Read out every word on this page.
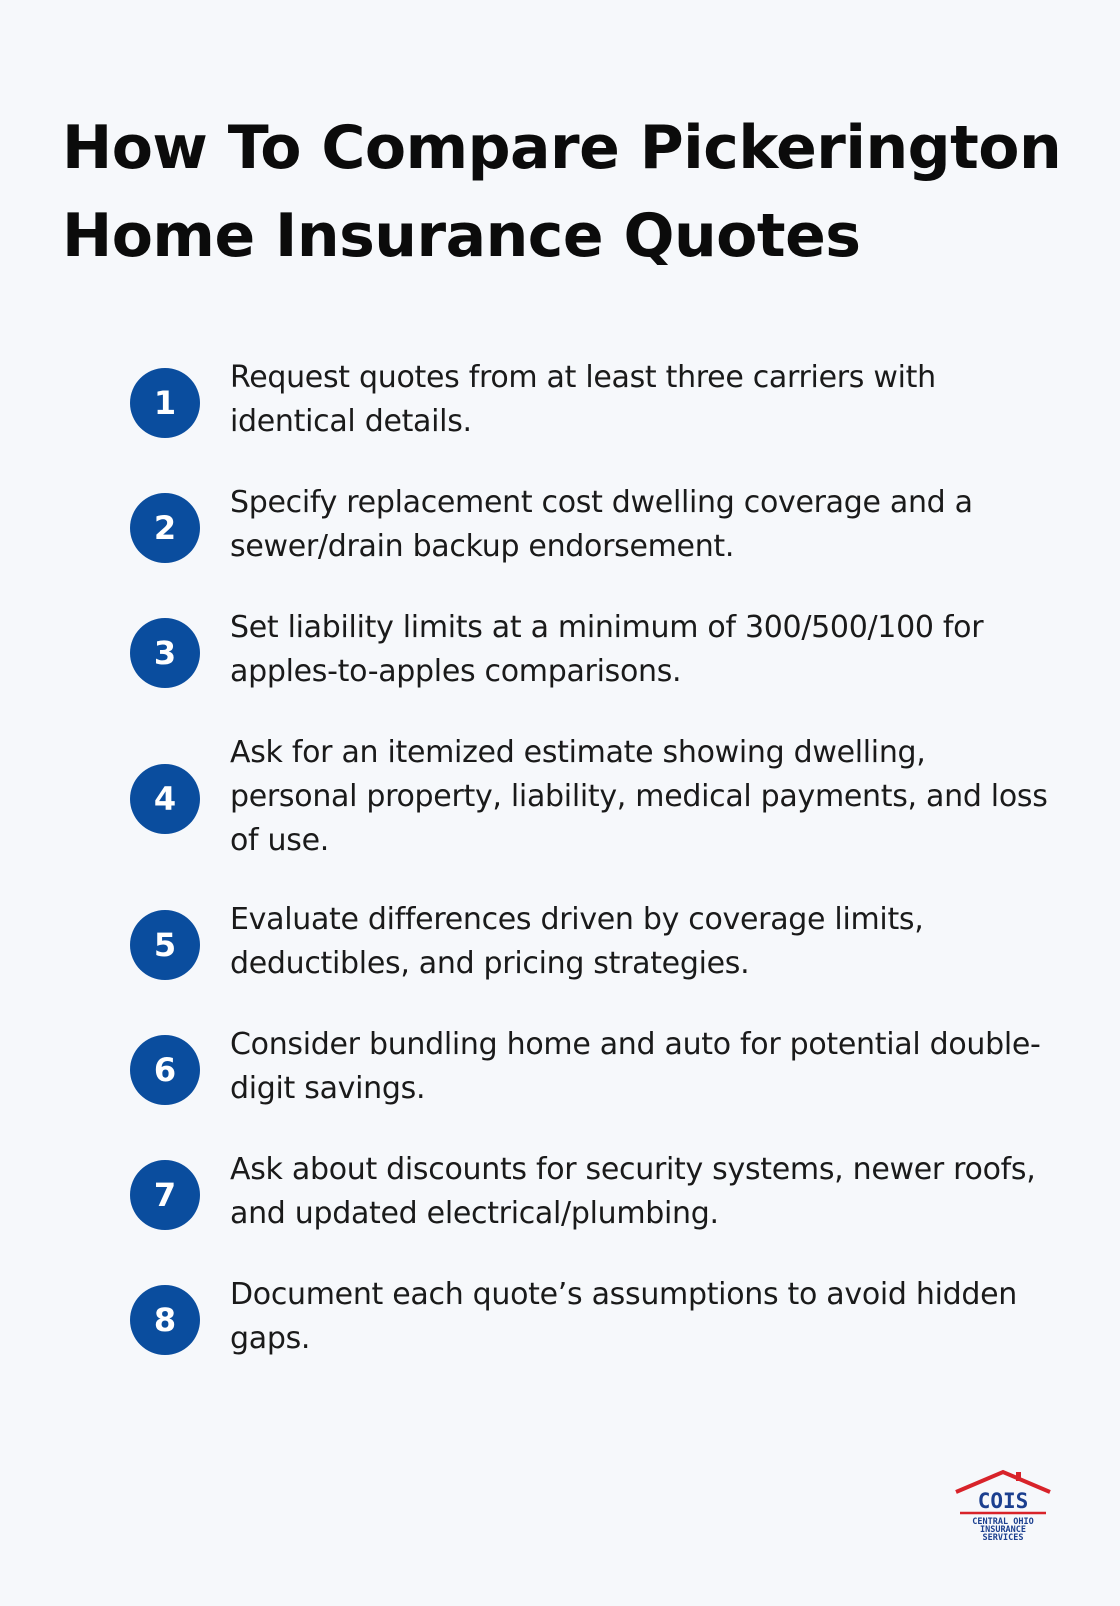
How To Compare Pickerington
Home Insurance Quotes
1

Request quotes from at least three carriers with identical details.

2

Specify replacement cost dwelling coverage and a sewer/drain backup endorsement.

3

Set liability limits at a minimum of 300/500/100 for apples-to-apples comparisons.

4

Ask for an itemized estimate showing dwelling, personal property, liability, medical payments, and loss of use.

5

Evaluate differences driven by coverage limits, deductibles, and pricing strategies.

6

Consider bundling home and auto for potential double-digit savings.

7

Ask about discounts for security systems, newer roofs, and updated electrical/plumbing.

8

Document each quote’s assumptions to avoid hidden gaps.

COIS
CENTRAL OHIO
INSURANCE
SERVICES
